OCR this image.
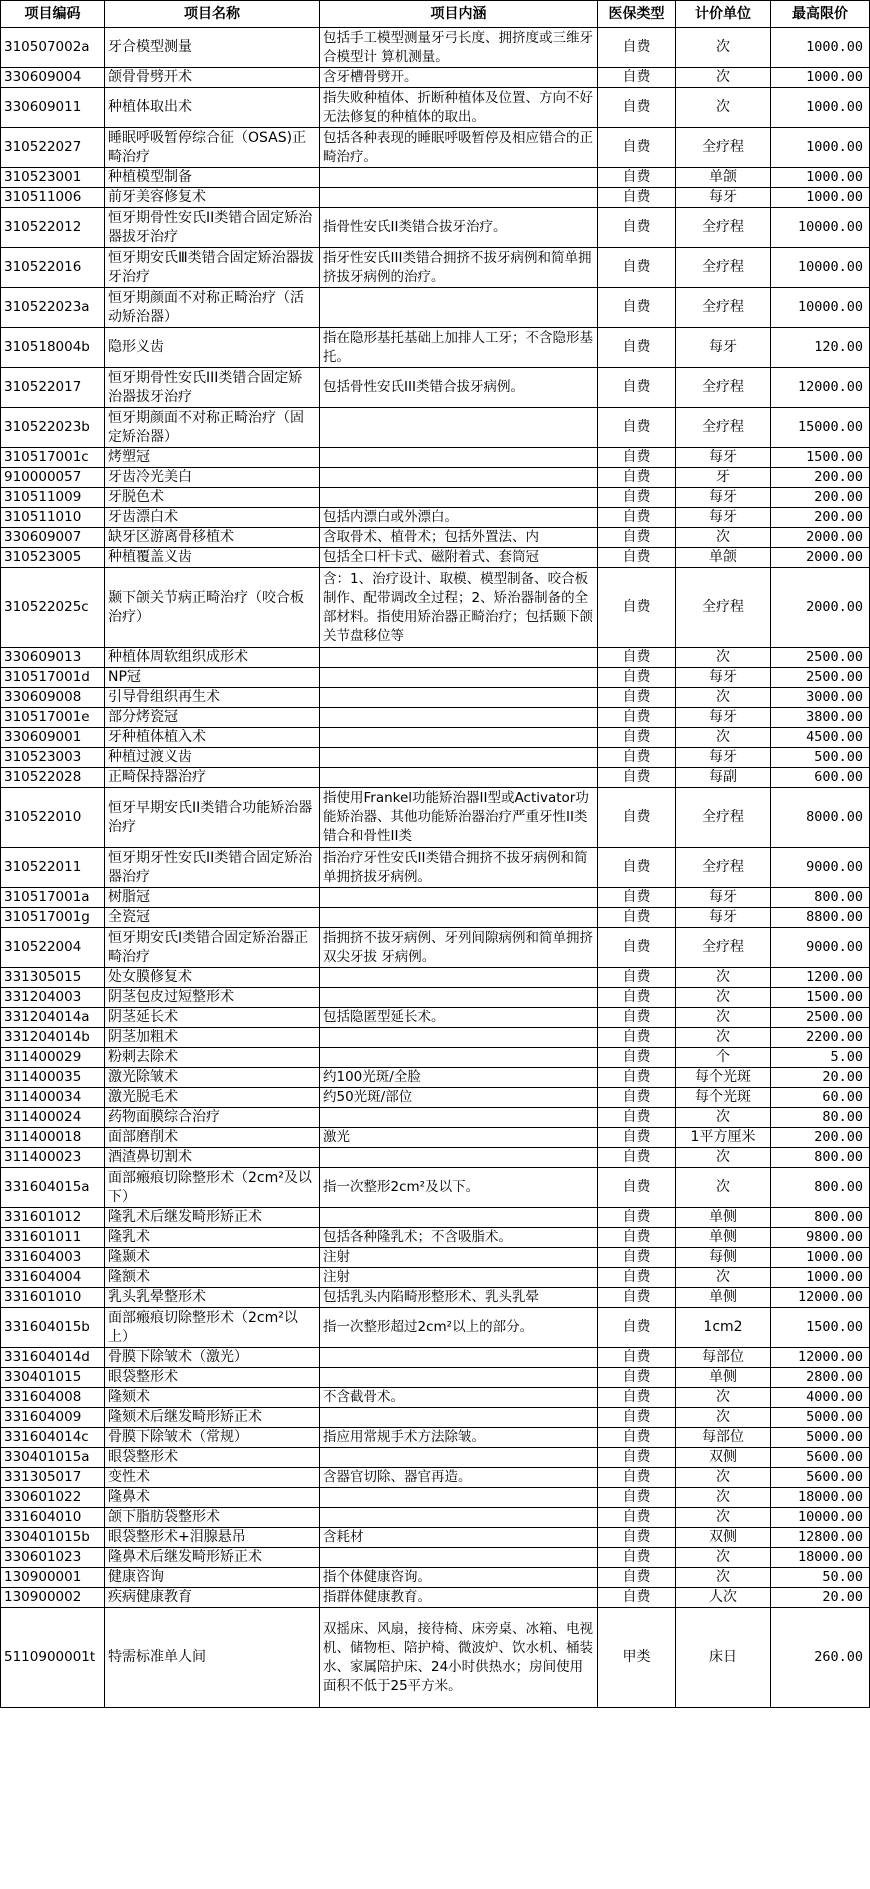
项目编码	项目名称	项目内涵	医保类型	计价单位	最高限价
310507002a	牙合模型测量	包括手工模型测量牙弓长度、拥挤度或三维牙合模型计 算机测量。	自费	次	1000.00
330609004	颌骨骨劈开术	含牙槽骨劈开。	自费	次	1000.00
330609011	种植体取出术	指失败种植体、折断种植体及位置、方向不好无法修复的种植体的取出。	自费	次	1000.00
310522027	睡眠呼吸暂停综合征（OSAS)正畸治疗	包括各种表现的睡眠呼吸暂停及相应错合的正畸治疗。	自费	全疗程	1000.00
310523001	种植模型制备		自费	单颌	1000.00
310511006	前牙美容修复术		自费	每牙	1000.00
310522012	恒牙期骨性安氏II类错合固定矫治器拔牙治疗	指骨性安氏II类错合拔牙治疗。	自费	全疗程	10000.00
310522016	恒牙期安氏Ⅲ类错合固定矫治器拔牙治疗	指牙性安氏III类错合拥挤不拔牙病例和简单拥挤拔牙病例的治疗。	自费	全疗程	10000.00
310522023a	恒牙期颜面不对称正畸治疗（活动矫治器）		自费	全疗程	10000.00
310518004b	隐形义齿	指在隐形基托基础上加排人工牙；不含隐形基托。	自费	每牙	120.00
310522017	恒牙期骨性安氏III类错合固定矫治器拔牙治疗	包括骨性安氏III类错合拔牙病例。	自费	全疗程	12000.00
310522023b	恒牙期颜面不对称正畸治疗（固定矫治器）		自费	全疗程	15000.00
310517001c	烤塑冠		自费	每牙	1500.00
910000057	牙齿冷光美白		自费	牙	200.00
310511009	牙脱色术		自费	每牙	200.00
310511010	牙齿漂白术	包括内漂白或外漂白。	自费	每牙	200.00
330609007	缺牙区游离骨移植术	含取骨术、植骨术；包括外置法、内	自费	次	2000.00
310523005	种植覆盖义齿	包括全口杆卡式、磁附着式、套筒冠	自费	单颌	2000.00
310522025c	颞下颌关节病正畸治疗（咬合板治疗）	含：1、治疗设计、取模、模型制备、咬合板制作、配带调改全过程；2、矫治器制备的全部材料。指使用矫治器正畸治疗；包括颞下颌关节盘移位等	自费	全疗程	2000.00
330609013	种植体周软组织成形术		自费	次	2500.00
310517001d	NP冠		自费	每牙	2500.00
330609008	引导骨组织再生术		自费	次	3000.00
310517001e	部分烤瓷冠		自费	每牙	3800.00
330609001	牙种植体植入术		自费	次	4500.00
310523003	种植过渡义齿		自费	每牙	500.00
310522028	正畸保持器治疗		自费	每副	600.00
310522010	恒牙早期安氏II类错合功能矫治器治疗	指使用Frankel功能矫治器II型或Activator功能矫治器、其他功能矫治器治疗严重牙性II类错合和骨性II类	自费	全疗程	8000.00
310522011	恒牙期牙性安氏II类错合固定矫治器治疗	指治疗牙性安氏II类错合拥挤不拔牙病例和简单拥挤拔牙病例。	自费	全疗程	9000.00
310517001a	树脂冠		自费	每牙	800.00
310517001g	全瓷冠		自费	每牙	8800.00
310522004	恒牙期安氏I类错合固定矫治器正畸治疗	指拥挤不拔牙病例、牙列间隙病例和简单拥挤双尖牙拔 牙病例。	自费	全疗程	9000.00
331305015	处女膜修复术		自费	次	1200.00
331204003	阴茎包皮过短整形术		自费	次	1500.00
331204014a	阴茎延长术	包括隐匿型延长术。	自费	次	2500.00
331204014b	阴茎加粗术		自费	次	2200.00
311400029	粉刺去除术		自费	个	5.00
311400035	激光除皱术	约100光斑/全脸	自费	每个光斑	20.00
311400034	激光脱毛术	约50光斑/部位	自费	每个光斑	60.00
311400024	药物面膜综合治疗		自费	次	80.00
311400018	面部磨削术	激光	自费	1平方厘米	200.00
311400023	酒渣鼻切割术		自费	次	800.00
331604015a	面部瘢痕切除整形术（2cm²及以下）	指一次整形2cm²及以下。	自费	次	800.00
331601012	隆乳术后继发畸形矫正术		自费	单侧	800.00
331601011	隆乳术	包括各种隆乳术；不含吸脂术。	自费	单侧	9800.00
331604003	隆颞术	注射	自费	每侧	1000.00
331604004	隆额术	注射	自费	次	1000.00
331601010	乳头乳晕整形术	包括乳头内陷畸形整形术、乳头乳晕	自费	单侧	12000.00
331604015b	面部瘢痕切除整形术（2cm²以上）	指一次整形超过2cm²以上的部分。	自费	1cm2	1500.00
331604014d	骨膜下除皱术（激光）		自费	每部位	12000.00
330401015	眼袋整形术		自费	单侧	2800.00
331604008	隆颏术	不含截骨术。	自费	次	4000.00
331604009	隆颏术后继发畸形矫正术		自费	次	5000.00
331604014c	骨膜下除皱术（常规）	指应用常规手术方法除皱。	自费	每部位	5000.00
330401015a	眼袋整形术		自费	双侧	5600.00
331305017	变性术	含器官切除、器官再造。	自费	次	5600.00
330601022	隆鼻术		自费	次	18000.00
331604010	颌下脂肪袋整形术		自费	次	10000.00
330401015b	眼袋整形术+泪腺悬吊	含耗材	自费	双侧	12800.00
330601023	隆鼻术后继发畸形矫正术		自费	次	18000.00
130900001	健康咨询	指个体健康咨询。	自费	次	50.00
130900002	疾病健康教育	指群体健康教育。	自费	人次	20.00
5110900001t	特需标准单人间	双摇床、风扇，接待椅、床旁桌、冰箱、电视机、储物柜、陪护椅、微波炉、饮水机、桶装水、家属陪护床、24小时供热水；房间使用面积不低于25平方米。	甲类	床日	260.00
